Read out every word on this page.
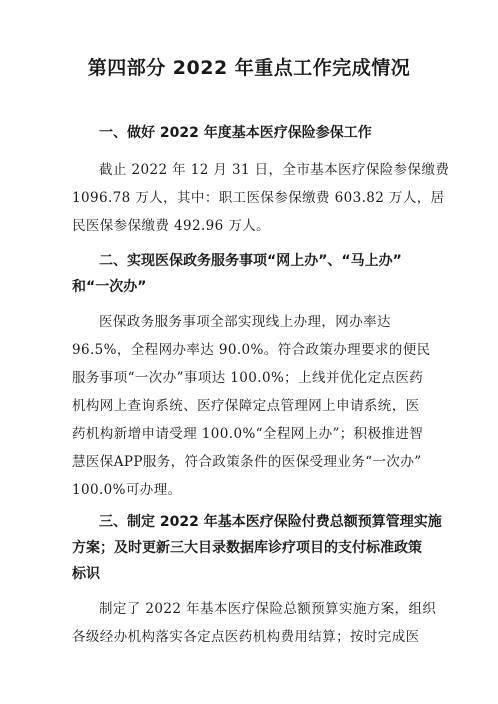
第四部分 2022 年重点工作完成情况
一、做好 2022 年度基本医疗保险参保工作

截止 2022 年 12 月 31 日，全市基本医疗保险参保缴费
1096.78 万人，其中：职工医保参保缴费 603.82 万人，居
民医保参保缴费 492.96 万人。

二、实现医保政务服务事项“网上办”、“马上办”
和“一次办”

医保政务服务事项全部实现线上办理，网办率达
96.5%，全程网办率达 90.0%。符合政策办理要求的便民
服务事项“一次办”事项达 100.0%；上线并优化定点医药
机构网上查询系统、医疗保障定点管理网上申请系统，医
药机构新增申请受理 100.0%“全程网上办”；积极推进智
慧医保APP服务，符合政策条件的医保受理业务“一次办”
100.0%可办理。

三、制定 2022 年基本医疗保险付费总额预算管理实施
方案；及时更新三大目录数据库诊疗项目的支付标准政策
标识

制定了 2022 年基本医疗保险总额预算实施方案，组织
各级经办机构落实各定点医药机构费用结算；按时完成医
